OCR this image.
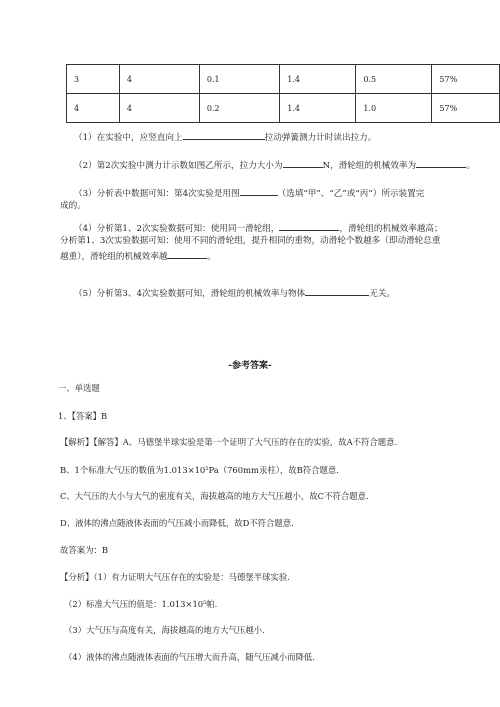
3	4	0.1	1.4	0.5	57%
4	4	0.2	1.4	1.0	57%
（1）在实验中，应竖直向上	拉动弹簧测力计时读出拉力。
（2）第2次实验中测力计示数如图乙所示，拉力大小为	N，滑轮组的机械效率为	。
（3）分析表中数据可知：第4次实验是用图	（选填“甲”、“乙”或“丙”）所示装置完
成的。
（4）分析第1、2次实验数据可知：使用同一滑轮组，	，滑轮组的机械效率越高；
分析第1、3次实验数据可知：使用不同的滑轮组，提升相同的重物，动滑轮个数越多（即动滑轮总重
越重），滑轮组的机械效率越	。
（5）分析第3、4次实验数据可知，滑轮组的机械效率与物体	无关。
-参考答案-
一、单选题
1、【答案】B
【解析】【解答】A、马德堡半球实验是第一个证明了大气压的存在的实验，故A不符合题意.
B、1个标准大气压的数值为$1.013\times 10^5Pa(760mm$汞柱），故B符合题意.
C、大气压的大小与大气的密度有关，海拔越高的地方大气压越小，故C不符合题意.
D、液体的沸点随液体表面的气压减小而降低，故D不符合题意.
故答案为：B
【分析】（1）有力证明大气压存在的实验是：马德堡半球实验.
（2）标准大气压的值是：$1.013\times 10^5$帕.
（3）大气压与高度有关，海拔越高的地方大气压越小.
（4）液体的沸点随液体表面的气压增大而升高，随气压减小而降低.
